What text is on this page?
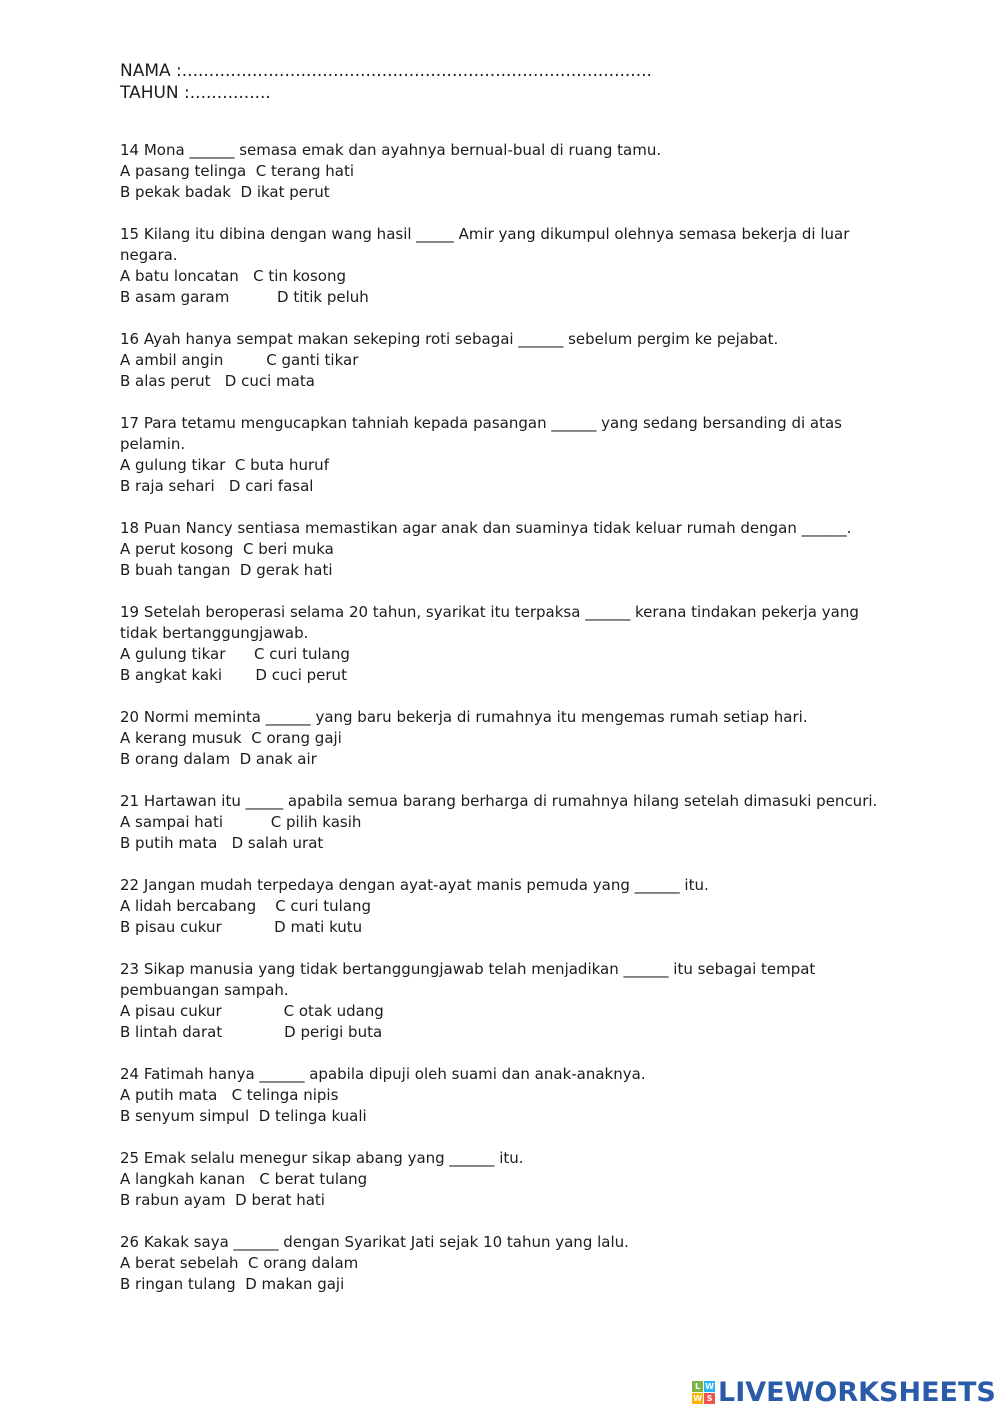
NAMA :.......................................................................................
TAHUN :...............
14 Mona ______ semasa emak dan ayahnya bernual-bual di ruang tamu.
A pasang telinga  C terang hati
B pekak badak  D ikat perut
15 Kilang itu dibina dengan wang hasil _____ Amir yang dikumpul olehnya semasa bekerja di luar negara.
A batu loncatan   C tin kosong
B asam garam          D titik peluh
16 Ayah hanya sempat makan sekeping roti sebagai ______ sebelum pergim ke pejabat.
A ambil angin         C ganti tikar
B alas perut   D cuci mata
17 Para tetamu mengucapkan tahniah kepada pasangan ______ yang sedang bersanding di atas pelamin.
A gulung tikar  C buta huruf
B raja sehari   D cari fasal
18 Puan Nancy sentiasa memastikan agar anak dan suaminya tidak keluar rumah dengan ______.
A perut kosong  C beri muka
B buah tangan  D gerak hati
19 Setelah beroperasi selama 20 tahun, syarikat itu terpaksa ______ kerana tindakan pekerja yang tidak bertanggungjawab.
A gulung tikar      C curi tulang
B angkat kaki       D cuci perut
20 Normi meminta ______ yang baru bekerja di rumahnya itu mengemas rumah setiap hari.
A kerang musuk  C orang gaji
B orang dalam  D anak air
21 Hartawan itu _____ apabila semua barang berharga di rumahnya hilang setelah dimasuki pencuri.
A sampai hati          C pilih kasih
B putih mata   D salah urat
22 Jangan mudah terpedaya dengan ayat-ayat manis pemuda yang ______ itu.
A lidah bercabang    C curi tulang
B pisau cukur           D mati kutu
23 Sikap manusia yang tidak bertanggungjawab telah menjadikan ______ itu sebagai tempat pembuangan sampah.
A pisau cukur             C otak udang
B lintah darat             D perigi buta
24 Fatimah hanya ______ apabila dipuji oleh suami dan anak-anaknya.
A putih mata   C telinga nipis
B senyum simpul  D telinga kuali
25 Emak selalu menegur sikap abang yang ______ itu.
A langkah kanan   C berat tulang
B rabun ayam  D berat hati
26 Kakak saya ______ dengan Syarikat Jati sejak 10 tahun yang lalu.
A berat sebelah  C orang dalam
B ringan tulang  D makan gaji
L W
W S LIVEWORKSHEETS
